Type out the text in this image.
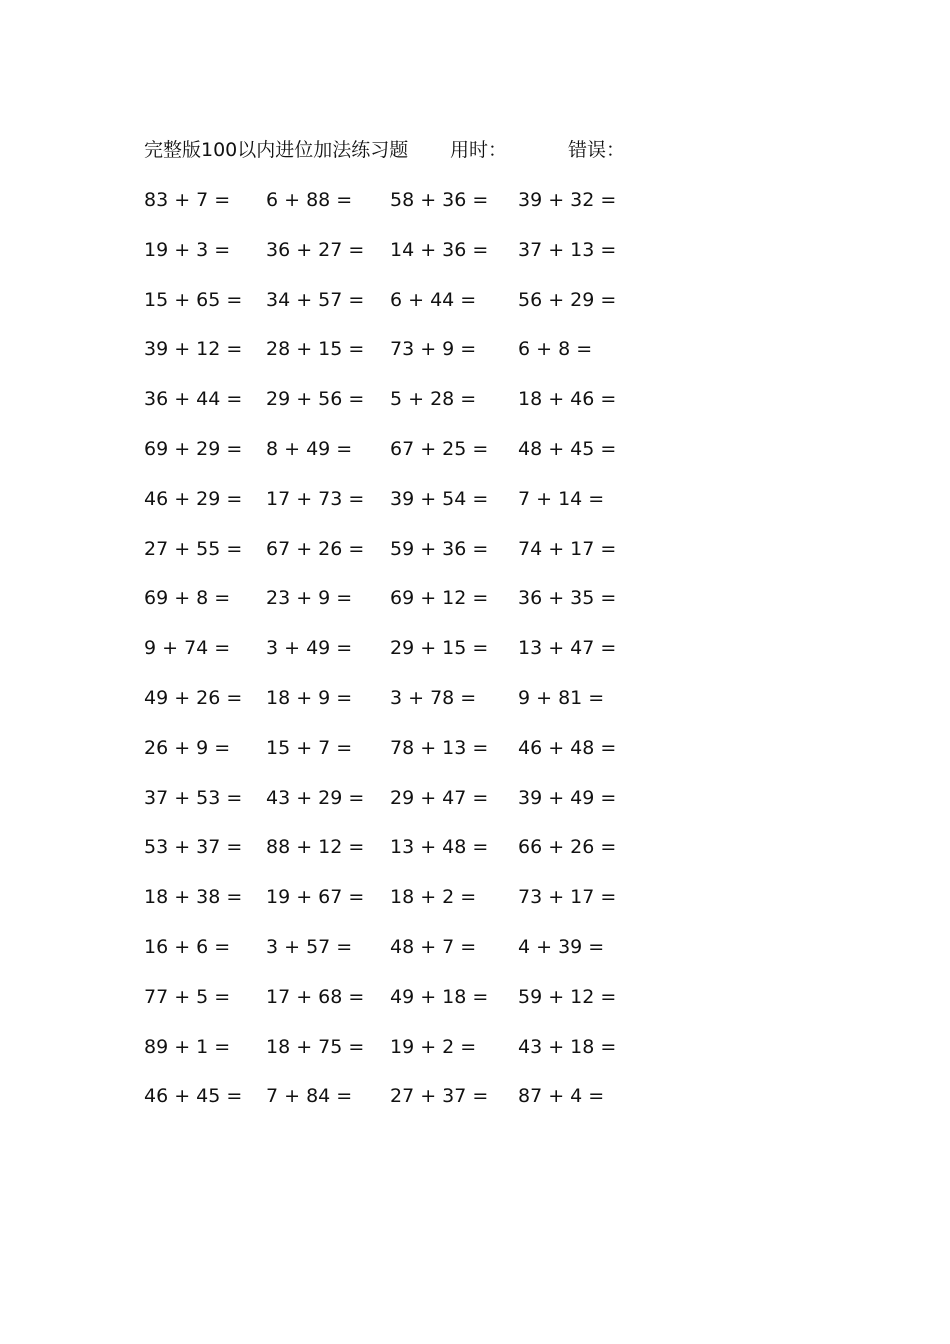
完整版100以内进位加法练习题 用时：	错误：
83 + 7 = 6 + 88 = 58 + 36 = 39 + 32 =
19 + 3 = 36 + 27 = 14 + 36 = 37 + 13 =
15 + 65 = 34 + 57 = 6 + 44 = 56 + 29 =
39 + 12 = 28 + 15 = 73 + 9 = 6 + 8 =
36 + 44 = 29 + 56 = 5 + 28 = 18 + 46 =
69 + 29 = 8 + 49 = 67 + 25 = 48 + 45 =
46 + 29 = 17 + 73 = 39 + 54 = 7 + 14 =
27 + 55 = 67 + 26 = 59 + 36 = 74 + 17 =
69 + 8 = 23 + 9 = 69 + 12 = 36 + 35 =
9 + 74 = 3 + 49 = 29 + 15 = 13 + 47 =
49 + 26 = 18 + 9 = 3 + 78 = 9 + 81 =
26 + 9 = 15 + 7 = 78 + 13 = 46 + 48 =
37 + 53 = 43 + 29 = 29 + 47 = 39 + 49 =
53 + 37 = 88 + 12 = 13 + 48 = 66 + 26 =
18 + 38 = 19 + 67 = 18 + 2 = 73 + 17 =
16 + 6 = 3 + 57 = 48 + 7 = 4 + 39 =
77 + 5 = 17 + 68 = 49 + 18 = 59 + 12 =
89 + 1 = 18 + 75 = 19 + 2 = 43 + 18 =
46 + 45 = 7 + 84 = 27 + 37 = 87 + 4 =
